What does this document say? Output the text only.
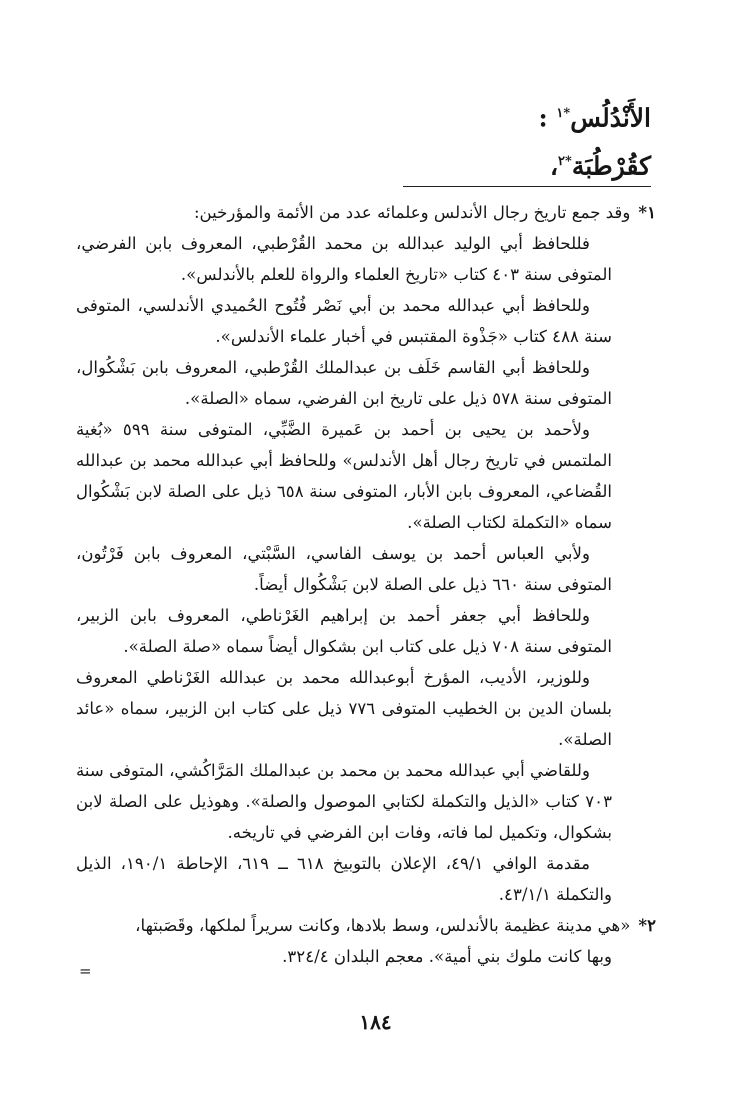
الأَنْدُلُس$^{*١}$ :
كقُرْطُبَة$^{*٢}$،
١*وقد جمع تاريخ رجال الأندلس وعلمائه عدد من الأئمة والمؤرخين:

فللحافظ أبي الوليد عبدالله بن محمد القُرْطبي، المعروف بابن الفرضي، المتوفى سنة ٤٠٣ كتاب «تاريخ العلماء والرواة للعلم بالأندلس».

وللحافظ أبي عبدالله محمد بن أبي نَصْر فُتُوح الحُميدي الأندلسي، المتوفى سنة ٤٨٨ كتاب «جَذْوة المقتبس في أخبار علماء الأندلس».

وللحافظ أبي القاسم خَلَف بن عبدالملك القُرْطبي، المعروف بابن بَشْكُوال، المتوفى سنة ٥٧٨ ذيل على تاريخ ابن الفرضي، سماه «الصلة».

ولأحمد بن يحيى بن أحمد بن عَميرة الضَّبِّي، المتوفى سنة ٥٩٩ «بُغية الملتمس في تاريخ رجال أهل الأندلس» وللحافظ أبي عبدالله محمد بن عبدالله القُضاعي، المعروف بابن الأبار، المتوفى سنة ٦٥٨ ذيل على الصلة لابن بَشْكُوال سماه «التكملة لكتاب الصلة».

ولأبي العباس أحمد بن يوسف الفاسي، السَّبْتي، المعروف بابن فَرْتُون، المتوفى سنة ٦٦٠ ذيل على الصلة لابن بَشْكُوال أيضاً.

وللحافظ أبي جعفر أحمد بن إبراهيم الغَرْناطي، المعروف بابن الزبير، المتوفى سنة ٧٠٨ ذيل على كتاب ابن بشكوال أيضاً سماه «صلة الصلة».

وللوزير، الأديب، المؤرخ أبوعبدالله محمد بن عبدالله الغَرْناطي المعروف بلسان الدين بن الخطيب المتوفى ٧٧٦ ذيل على كتاب ابن الزبير، سماه «عائد الصلة».

وللقاضي أبي عبدالله محمد بن محمد بن عبدالملك المَرَّاكُشي، المتوفى سنة ٧٠٣ كتاب «الذيل والتكملة لكتابي الموصول والصلة». وهوذيل على الصلة لابن بشكوال، وتكميل لما فاته، وفات ابن الفرضي في تاريخه.

مقدمة الوافي ٤٩/١، الإعلان بالتوبيخ ٦١٨ ــ ٦١٩، الإحاطة ١٩٠/١، الذيل والتكملة ٤٣/١/١.

٢*«هي مدينة عظيمة بالأندلس، وسط بلادها، وكانت سريراً لملكها، وقَصَبتها،
وبها كانت ملوك بني أمية». معجم البلدان ٣٢٤/٤.
=
١٨٤
